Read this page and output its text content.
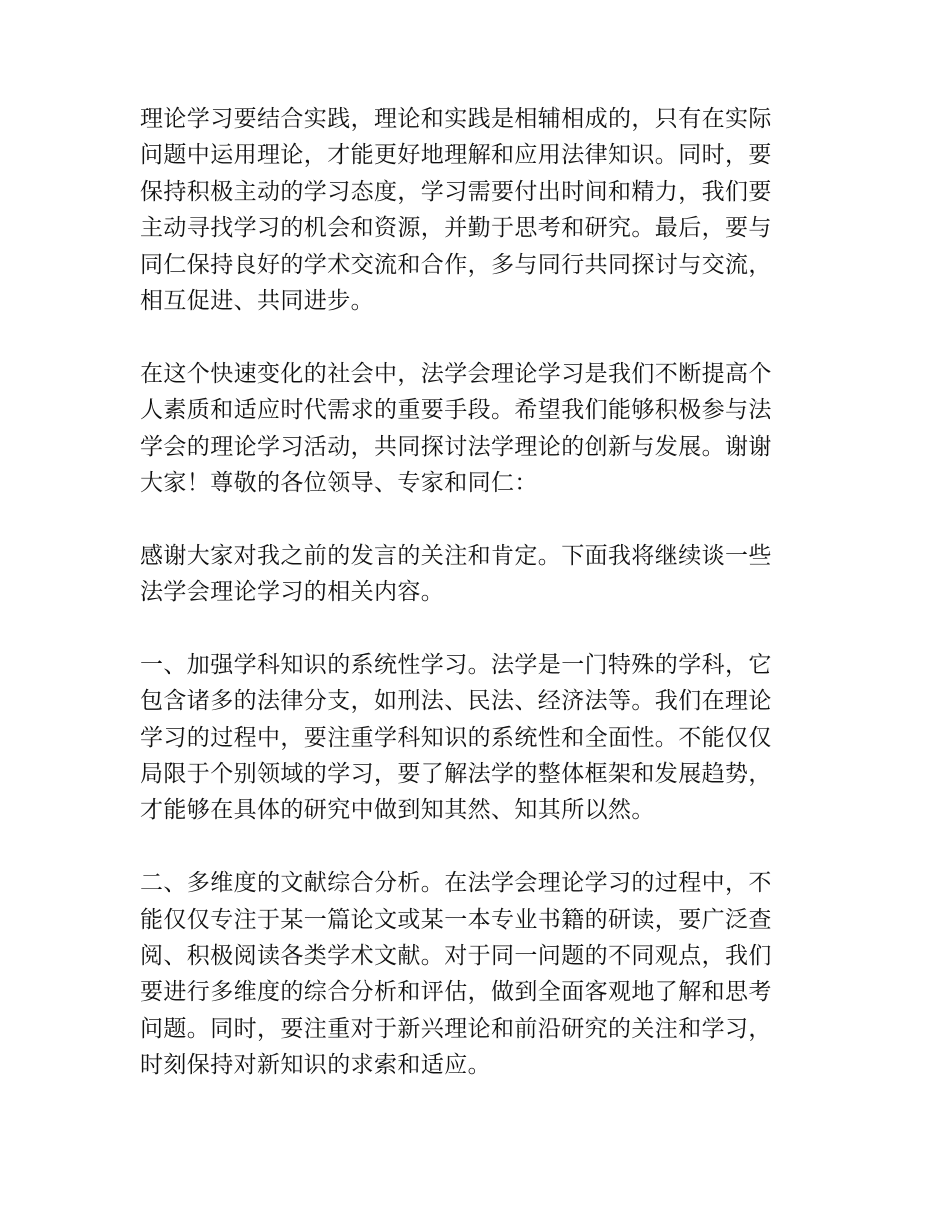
理论学习要结合实践，理论和实践是相辅相成的，只有在实际
问题中运用理论，才能更好地理解和应用法律知识。同时，要
保持积极主动的学习态度，学习需要付出时间和精力，我们要
主动寻找学习的机会和资源，并勤于思考和研究。最后，要与
同仁保持良好的学术交流和合作，多与同行共同探讨与交流，
相互促进、共同进步。
在这个快速变化的社会中，法学会理论学习是我们不断提高个
人素质和适应时代需求的重要手段。希望我们能够积极参与法
学会的理论学习活动，共同探讨法学理论的创新与发展。谢谢
大家！尊敬的各位领导、专家和同仁：
感谢大家对我之前的发言的关注和肯定。下面我将继续谈一些
法学会理论学习的相关内容。
一、加强学科知识的系统性学习。法学是一门特殊的学科，它
包含诸多的法律分支，如刑法、民法、经济法等。我们在理论
学习的过程中，要注重学科知识的系统性和全面性。不能仅仅
局限于个别领域的学习，要了解法学的整体框架和发展趋势，
才能够在具体的研究中做到知其然、知其所以然。
二、多维度的文献综合分析。在法学会理论学习的过程中，不
能仅仅专注于某一篇论文或某一本专业书籍的研读，要广泛查
阅、积极阅读各类学术文献。对于同一问题的不同观点，我们
要进行多维度的综合分析和评估，做到全面客观地了解和思考
问题。同时，要注重对于新兴理论和前沿研究的关注和学习，
时刻保持对新知识的求索和适应。
